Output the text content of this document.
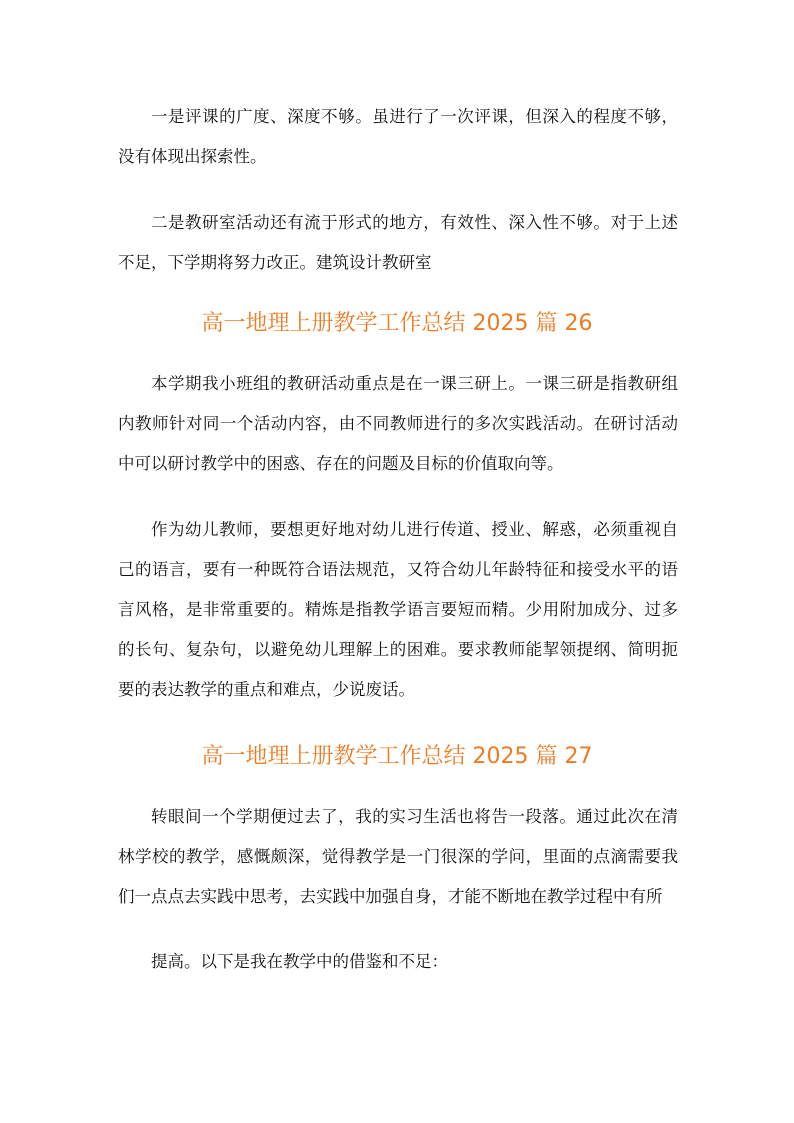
一是评课的广度、深度不够。虽进行了一次评课，但深入的程度不够，没有体现出探索性。

二是教研室活动还有流于形式的地方，有效性、深入性不够。对于上述不足，下学期将努力改正。建筑设计教研室

高一地理上册教学工作总结 2025 篇 26

本学期我小班组的教研活动重点是在一课三研上。一课三研是指教研组内教师针对同一个活动内容，由不同教师进行的多次实践活动。在研讨活动中可以研讨教学中的困惑、存在的问题及目标的价值取向等。

作为幼儿教师，要想更好地对幼儿进行传道、授业、解惑，必须重视自己的语言，要有一种既符合语法规范，又符合幼儿年龄特征和接受水平的语言风格，是非常重要的。精炼是指教学语言要短而精。少用附加成分、过多的长句、复杂句，以避免幼儿理解上的困难。要求教师能挈领提纲、简明扼要的表达教学的重点和难点，少说废话。

高一地理上册教学工作总结 2025 篇 27

转眼间一个学期便过去了，我的实习生活也将告一段落。通过此次在清林学校的教学，感慨颇深，觉得教学是一门很深的学问，里面的点滴需要我们一点点去实践中思考，去实践中加强自身，才能不断地在教学过程中有所

提高。以下是我在教学中的借鉴和不足：
